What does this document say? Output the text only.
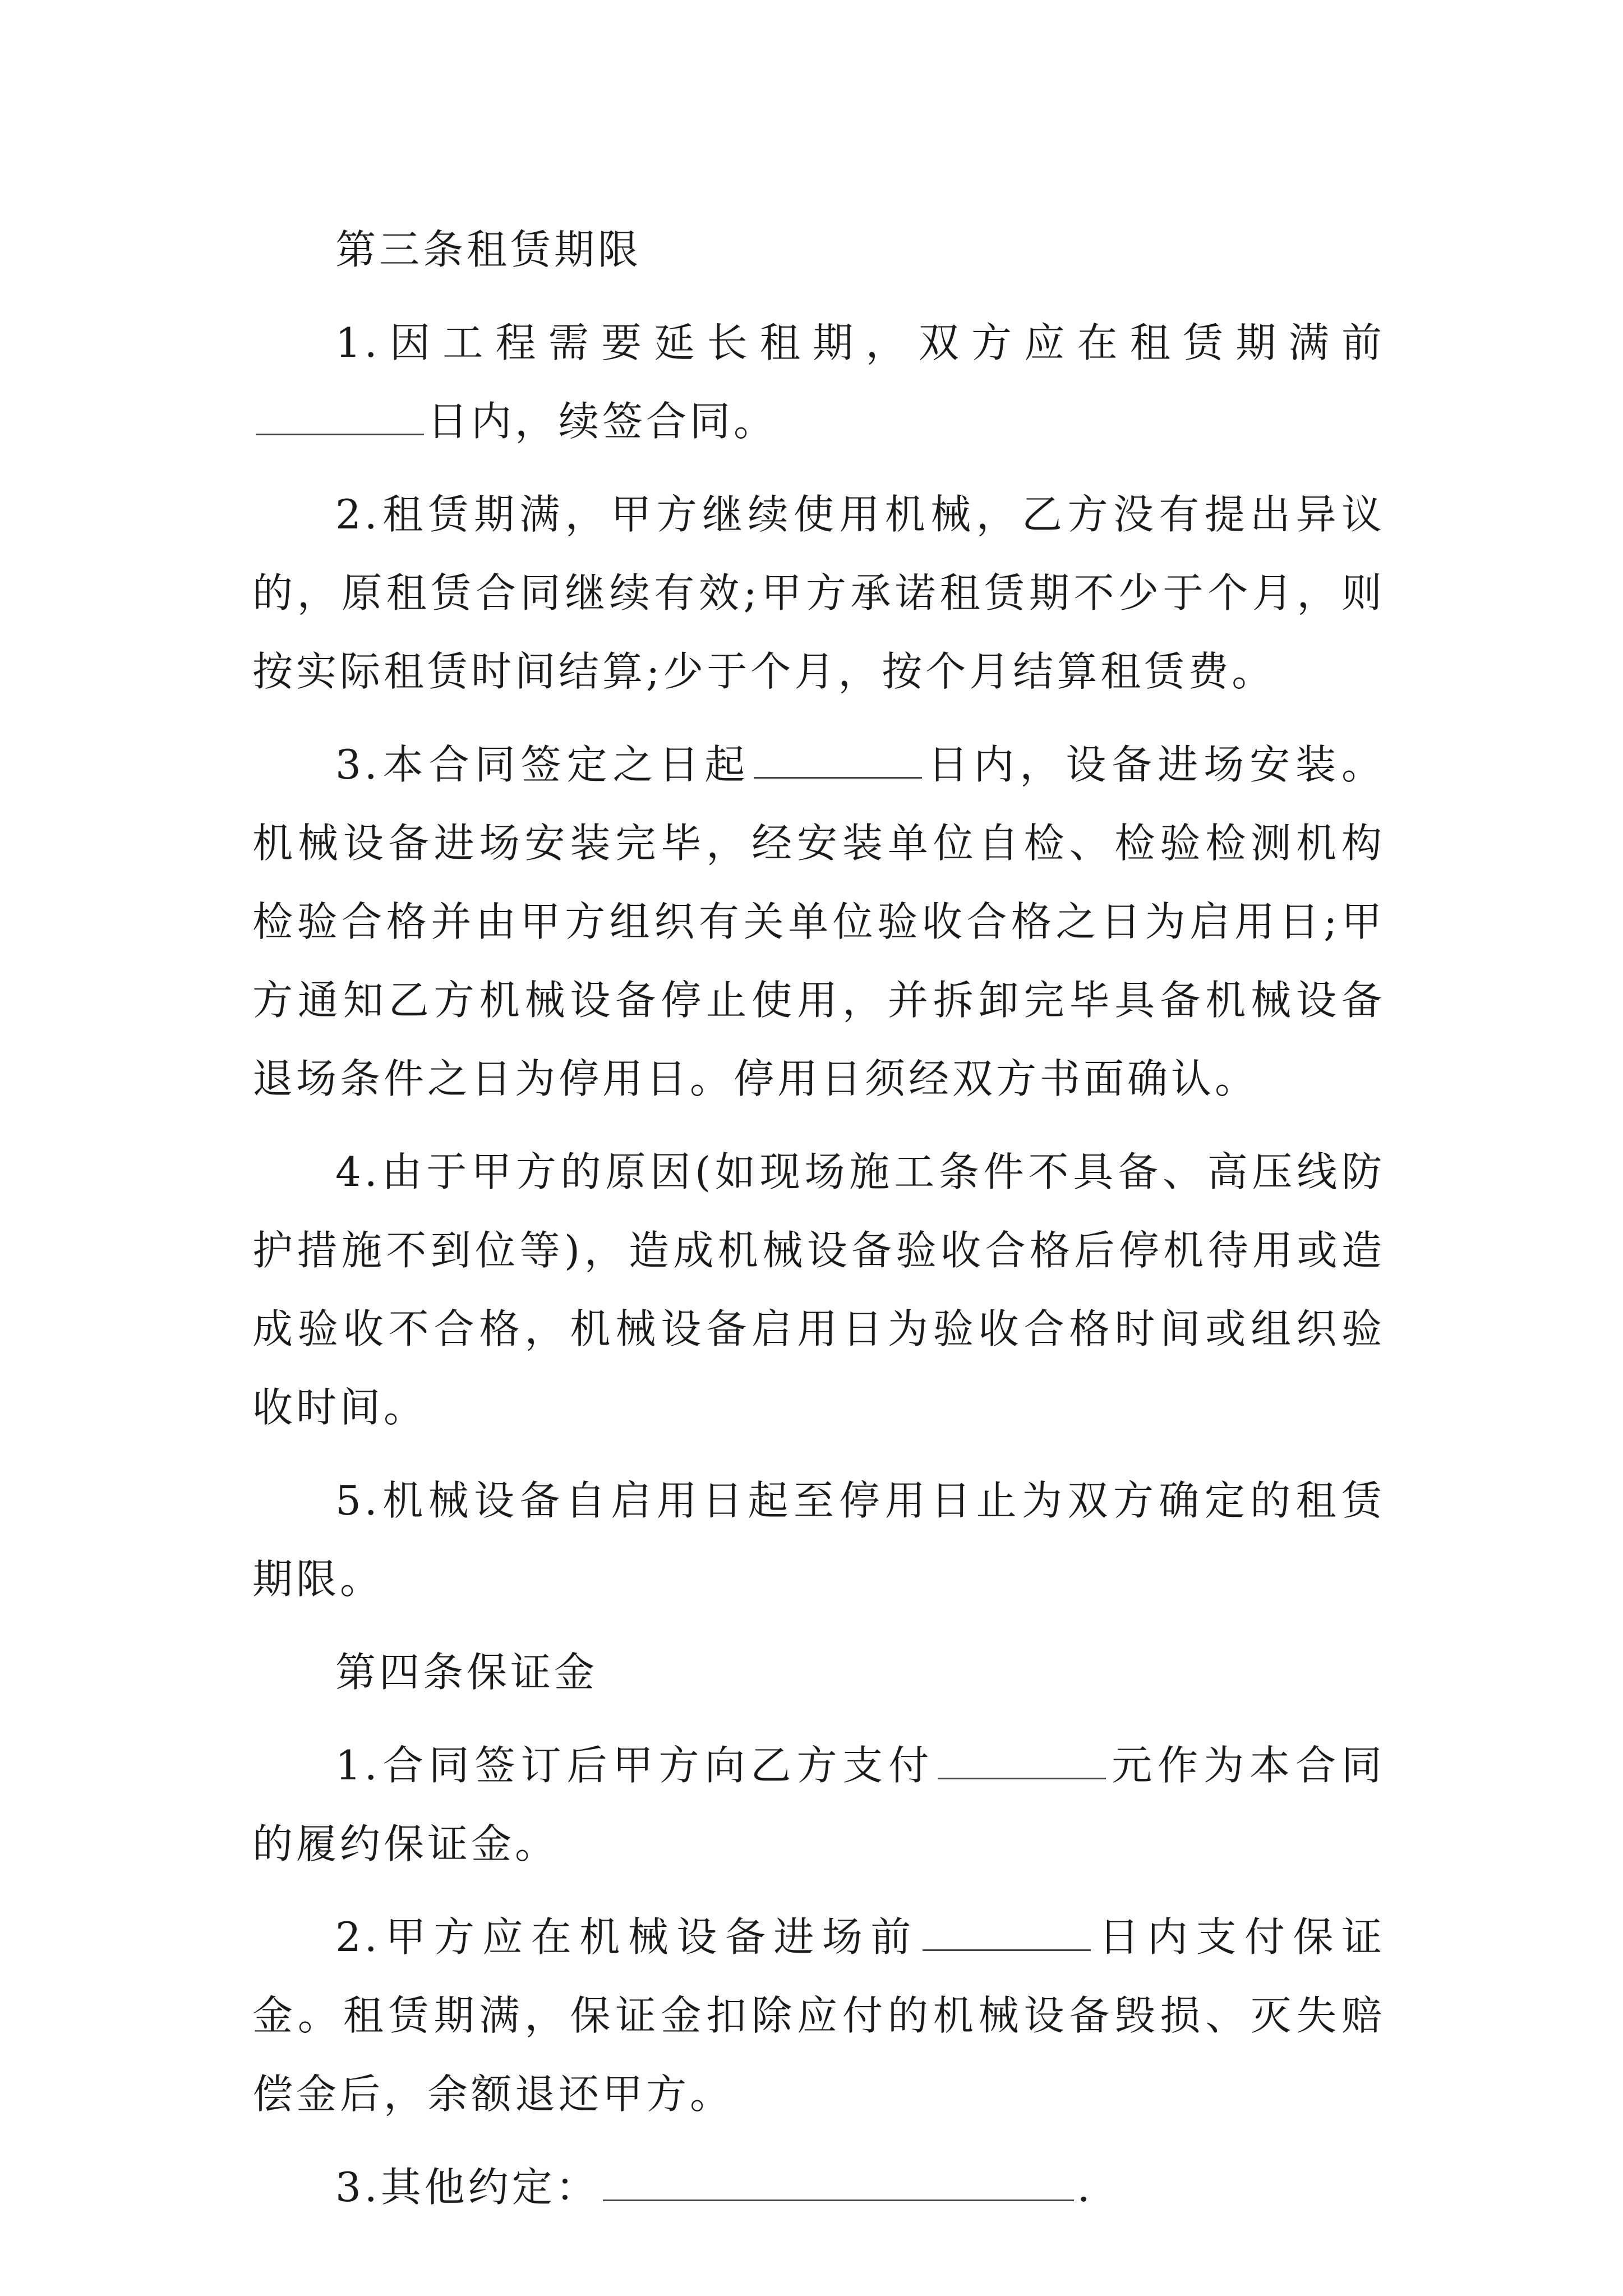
第三条租赁期限

1.因工程需要延长租期，双方应在租赁期满前日内，续签合同。

2.租赁期满，甲方继续使用机械，乙方没有提出异议的，原租赁合同继续有效;甲方承诺租赁期不少于个月，则按实际租赁时间结算;少于个月，按个月结算租赁费。

3.本合同签定之日起	日内，设备进场安装。机械设备进场安装完毕，经安装单位自检、检验检测机构检验合格并由甲方组织有关单位验收合格之日为启用日;甲方通知乙方机械设备停止使用，并拆卸完毕具备机械设备退场条件之日为停用日。停用日须经双方书面确认。

4.由于甲方的原因(如现场施工条件不具备、高压线防护措施不到位等)，造成机械设备验收合格后停机待用或造成验收不合格，机械设备启用日为验收合格时间或组织验收时间。

5.机械设备自启用日起至停用日止为双方确定的租赁期限。

第四条保证金

1.合同签订后甲方向乙方支付	元作为本合同的履约保证金。

2.甲方应在机械设备进场前	日内支付保证金。租赁期满，保证金扣除应付的机械设备毁损、灭失赔偿金后，余额退还甲方。

3.其他约定：	.
